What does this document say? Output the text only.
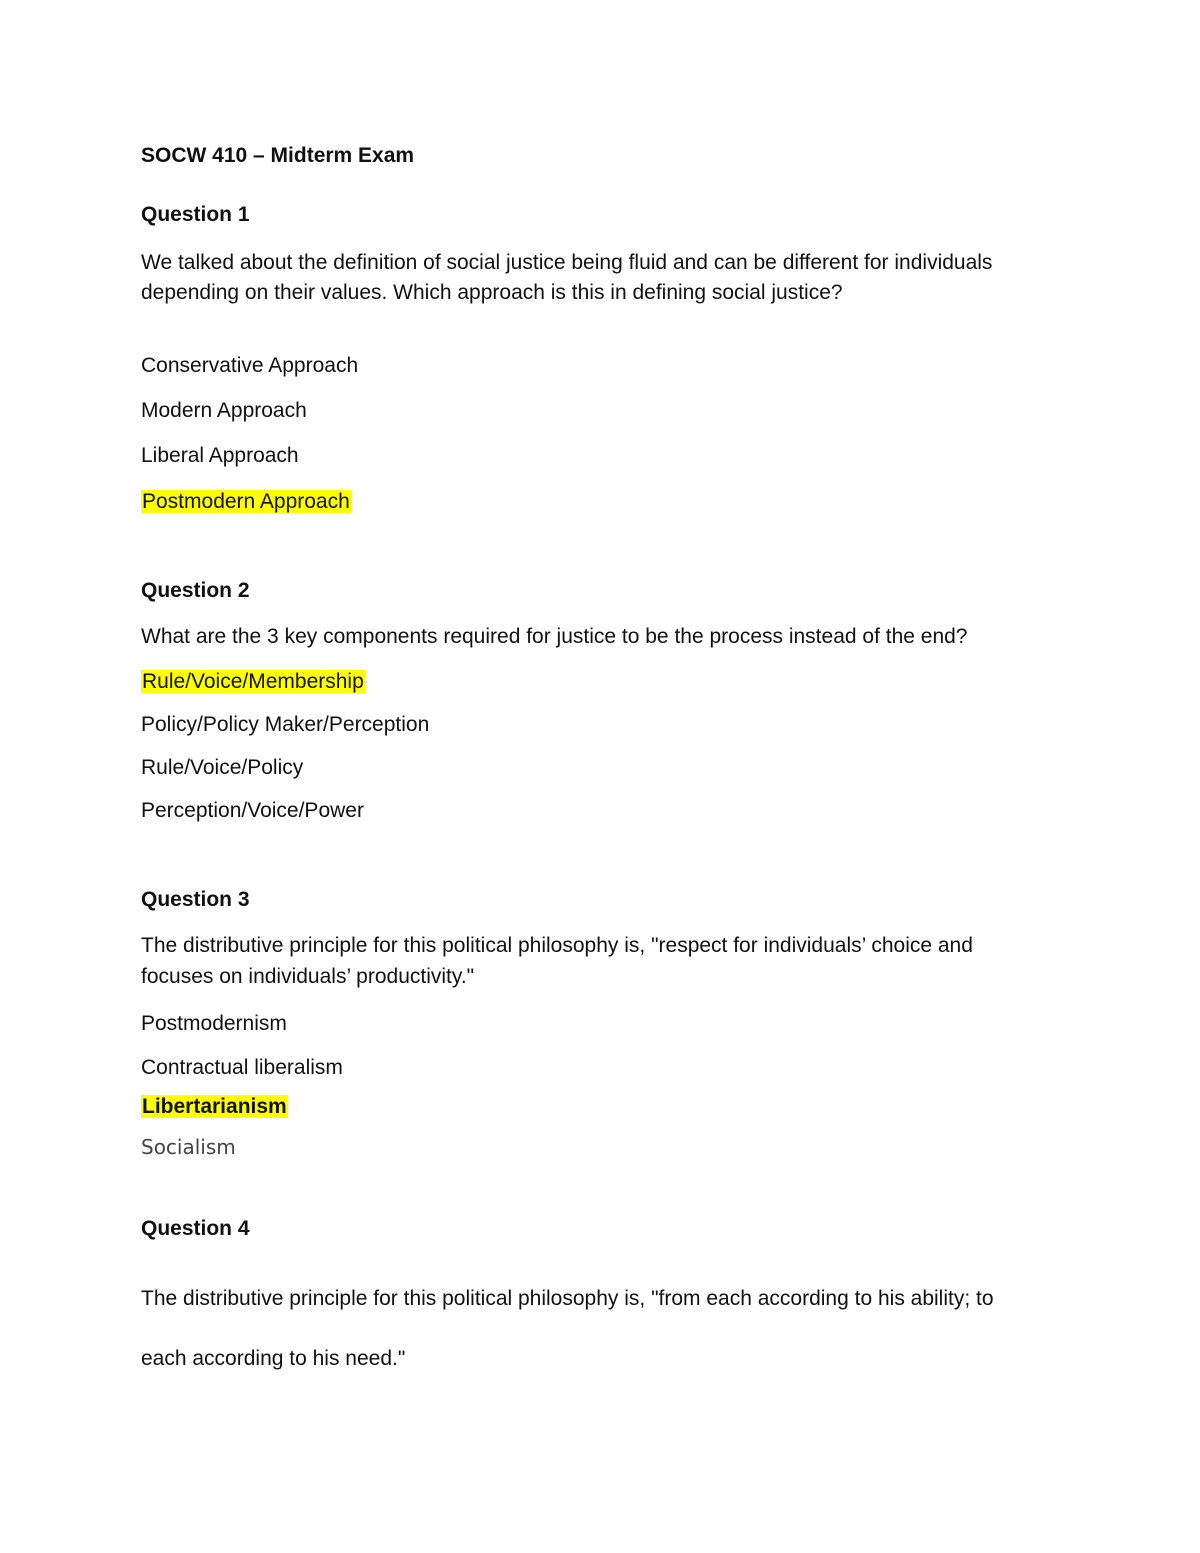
SOCW 410 – Midterm Exam
Question 1
We talked about the definition of social justice being fluid and can be different for individuals
depending on their values. Which approach is this in defining social justice?
Conservative Approach
Modern Approach
Liberal Approach
Postmodern Approach
Question 2
What are the 3 key components required for justice to be the process instead of the end?
Rule/Voice/Membership
Policy/Policy Maker/Perception
Rule/Voice/Policy
Perception/Voice/Power
Question 3
The distributive principle for this political philosophy is, "respect for individuals’ choice and
focuses on individuals’ productivity."
Postmodernism
Contractual liberalism
Libertarianism
Socialism
Question 4
The distributive principle for this political philosophy is, "from each according to his ability; to
each according to his need."
